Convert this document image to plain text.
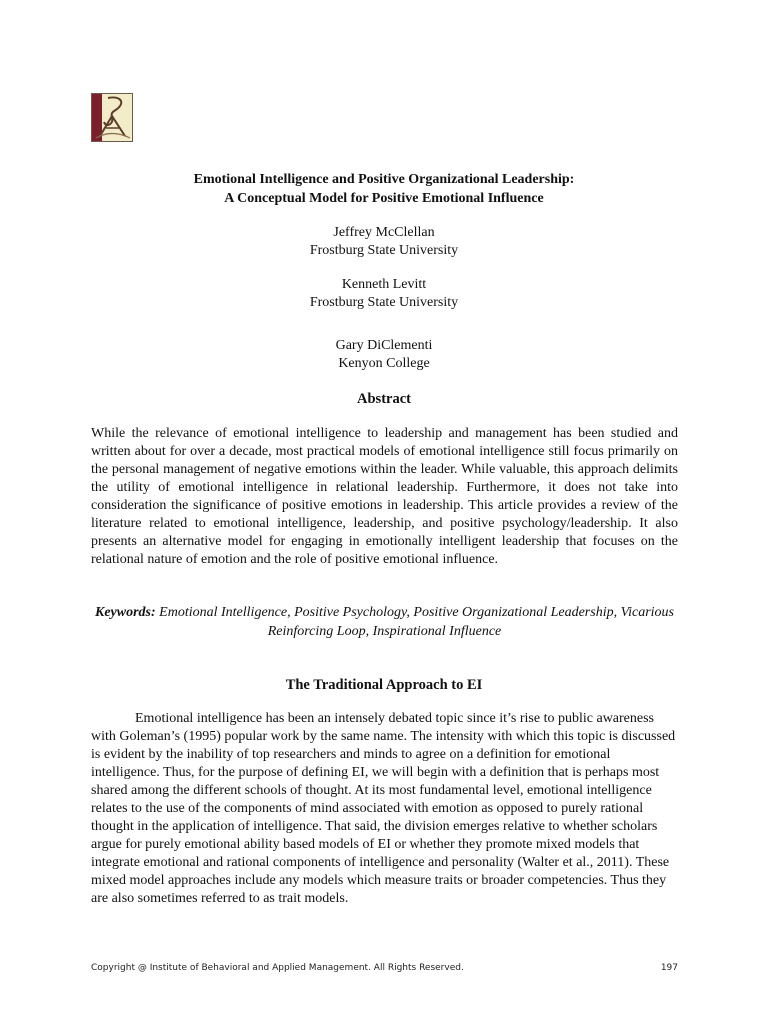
Emotional Intelligence and Positive Organizational Leadership:
A Conceptual Model for Positive Emotional Influence
Jeffrey McClellan
Frostburg State University
Kenneth Levitt
Frostburg State University
Gary DiClementi
Kenyon College
Abstract
While the relevance of emotional intelligence to leadership and management has been studied and written about for over a decade, most practical models of emotional intelligence still focus primarily on the personal management of negative emotions within the leader. While valuable, this approach delimits the utility of emotional intelligence in relational leadership. Furthermore, it does not take into consideration the significance of positive emotions in leadership. This article provides a review of the literature related to emotional intelligence, leadership, and positive psychology/leadership. It also presents an alternative model for engaging in emotionally intelligent leadership that focuses on the relational nature of emotion and the role of positive emotional influence.
Keywords: Emotional Intelligence, Positive Psychology, Positive Organizational Leadership, Vicarious Reinforcing Loop, Inspirational Influence
The Traditional Approach to EI

Emotional intelligence has been an intensely debated topic since it’s rise to public awareness with Goleman’s (1995) popular work by the same name. The intensity with which this topic is discussed is evident by the inability of top researchers and minds to agree on a definition for emotional intelligence. Thus, for the purpose of defining EI, we will begin with a definition that is perhaps most shared among the different schools of thought. At its most fundamental level, emotional intelligence relates to the use of the components of mind associated with emotion as opposed to purely rational thought in the application of intelligence. That said, the division emerges relative to whether scholars argue for purely emotional ability based models of EI or whether they promote mixed models that integrate emotional and rational components of intelligence and personality (Walter et al., 2011). These mixed model approaches include any models which measure traits or broader competencies. Thus they are also sometimes referred to as trait models.

Copyright @ Institute of Behavioral and Applied Management. All Rights Reserved.	197
